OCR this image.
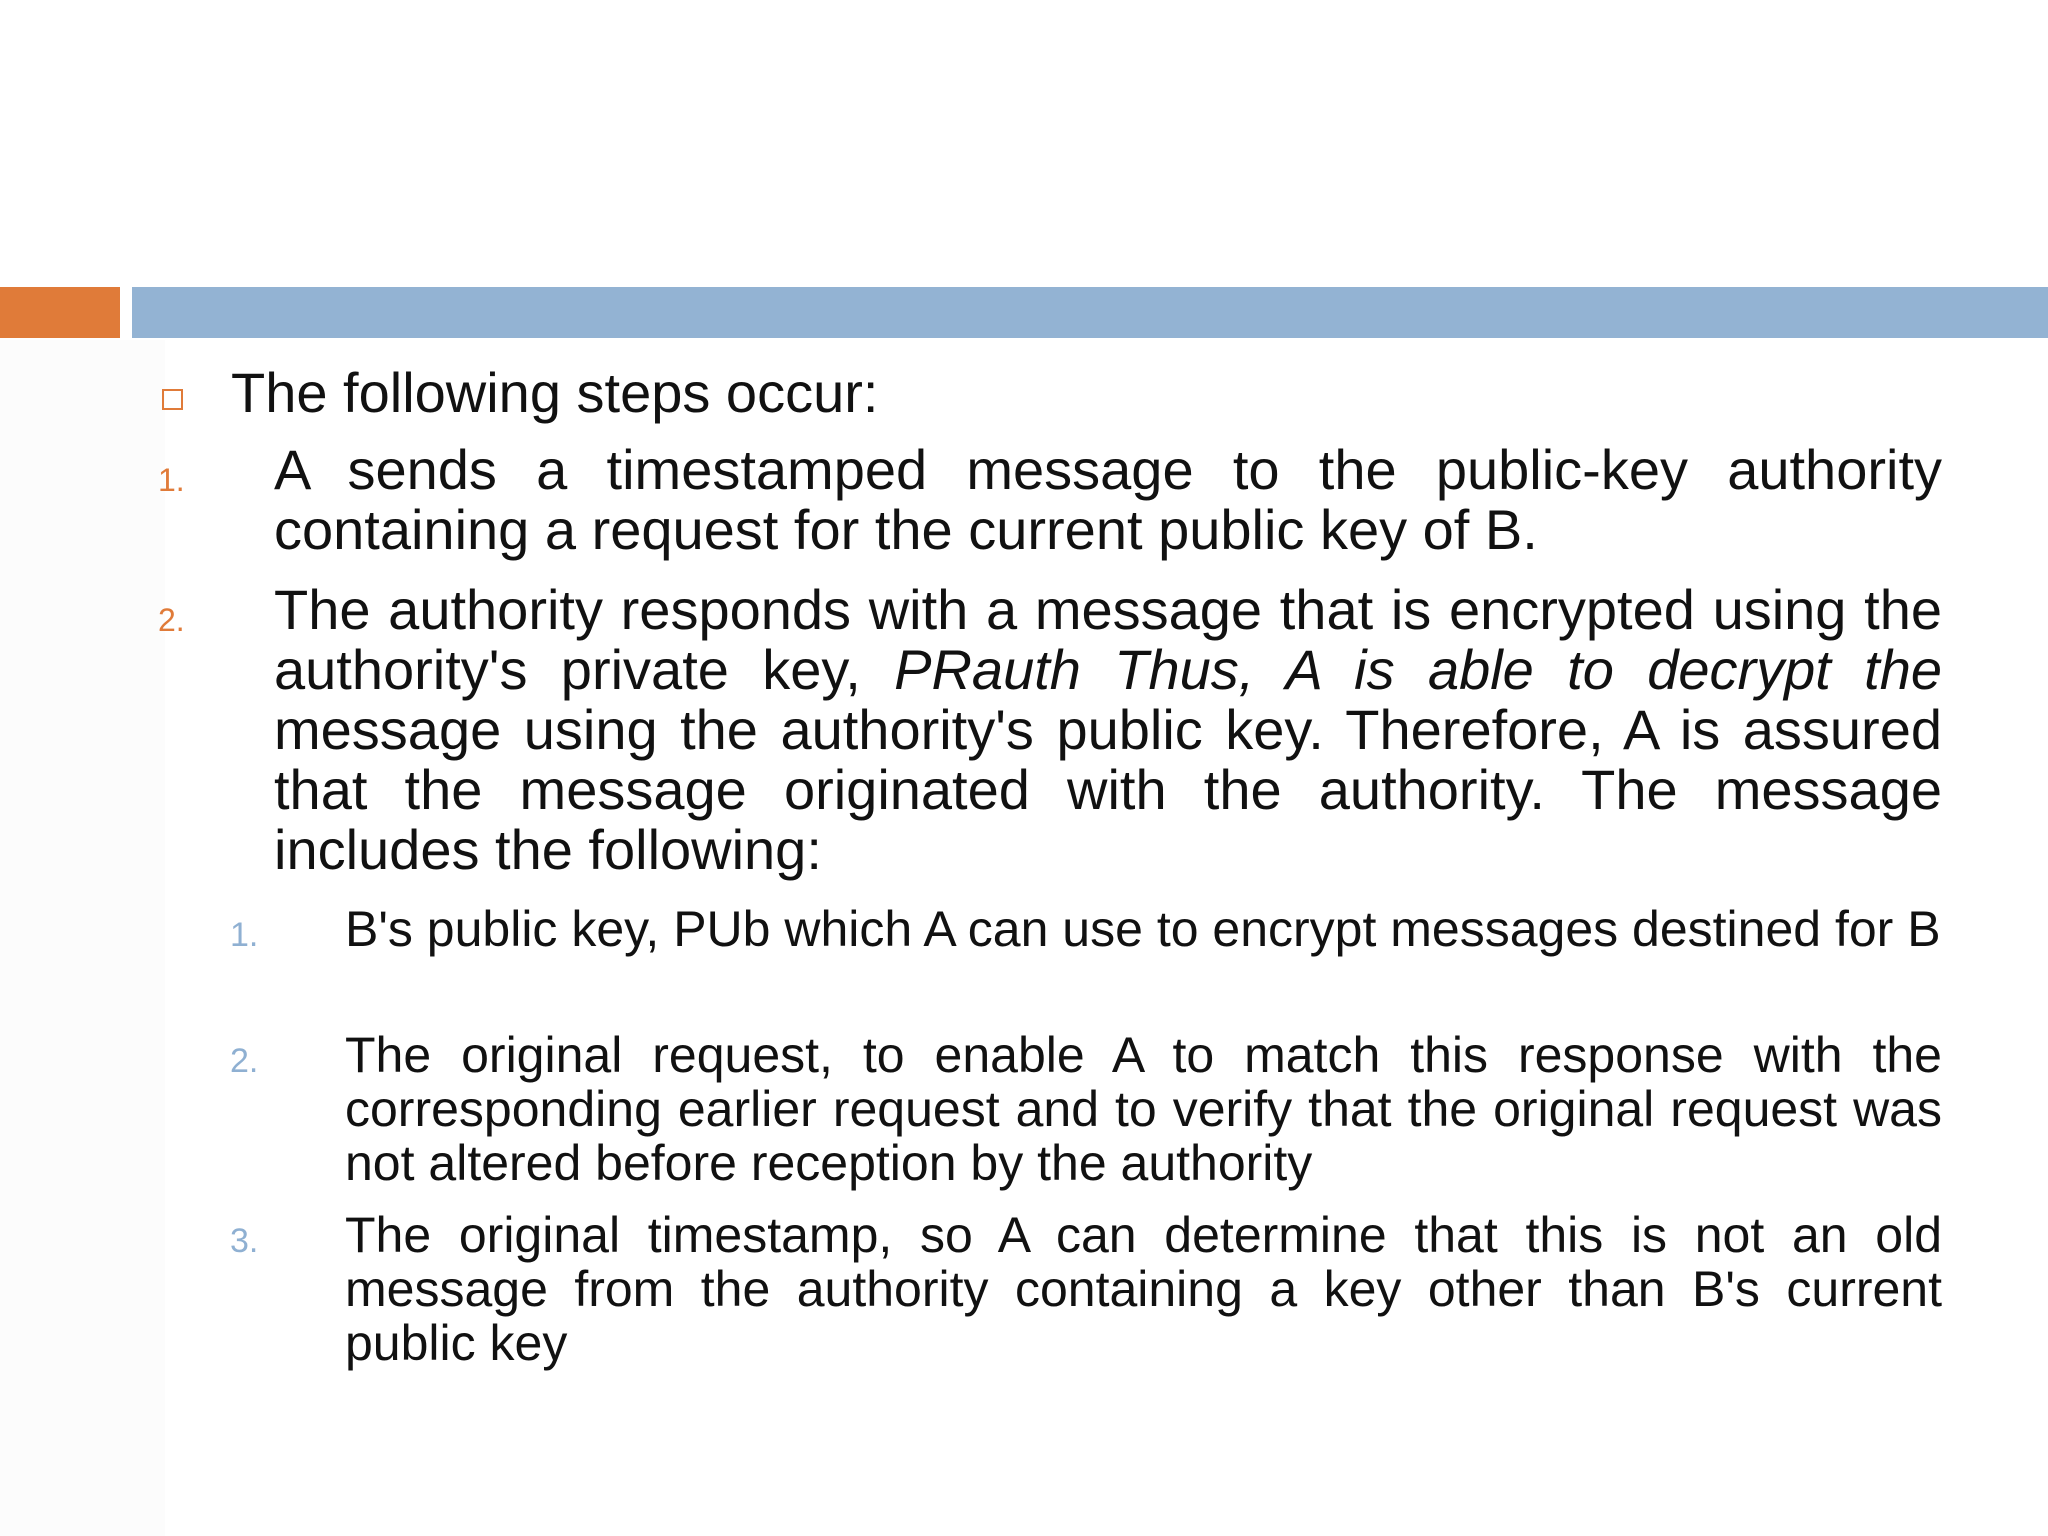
The following steps occur:
1. A sends a timestamped message to the public-key authority containing a request for the current public key of B.
2. The authority responds with a message that is encrypted using the authority's private key, PRauth Thus, A is able to decrypt the message using the authority's public key. Therefore, A is assured that the message originated with the authority. The message includes the following:
1. B's public key, PUb which A can use to encrypt messages destined for B
2. The original request, to enable A to match this response with the corresponding earlier request and to verify that the original request was not altered before reception by the authority
3. The original timestamp, so A can determine that this is not an old message from the authority containing a key other than B's current public key
